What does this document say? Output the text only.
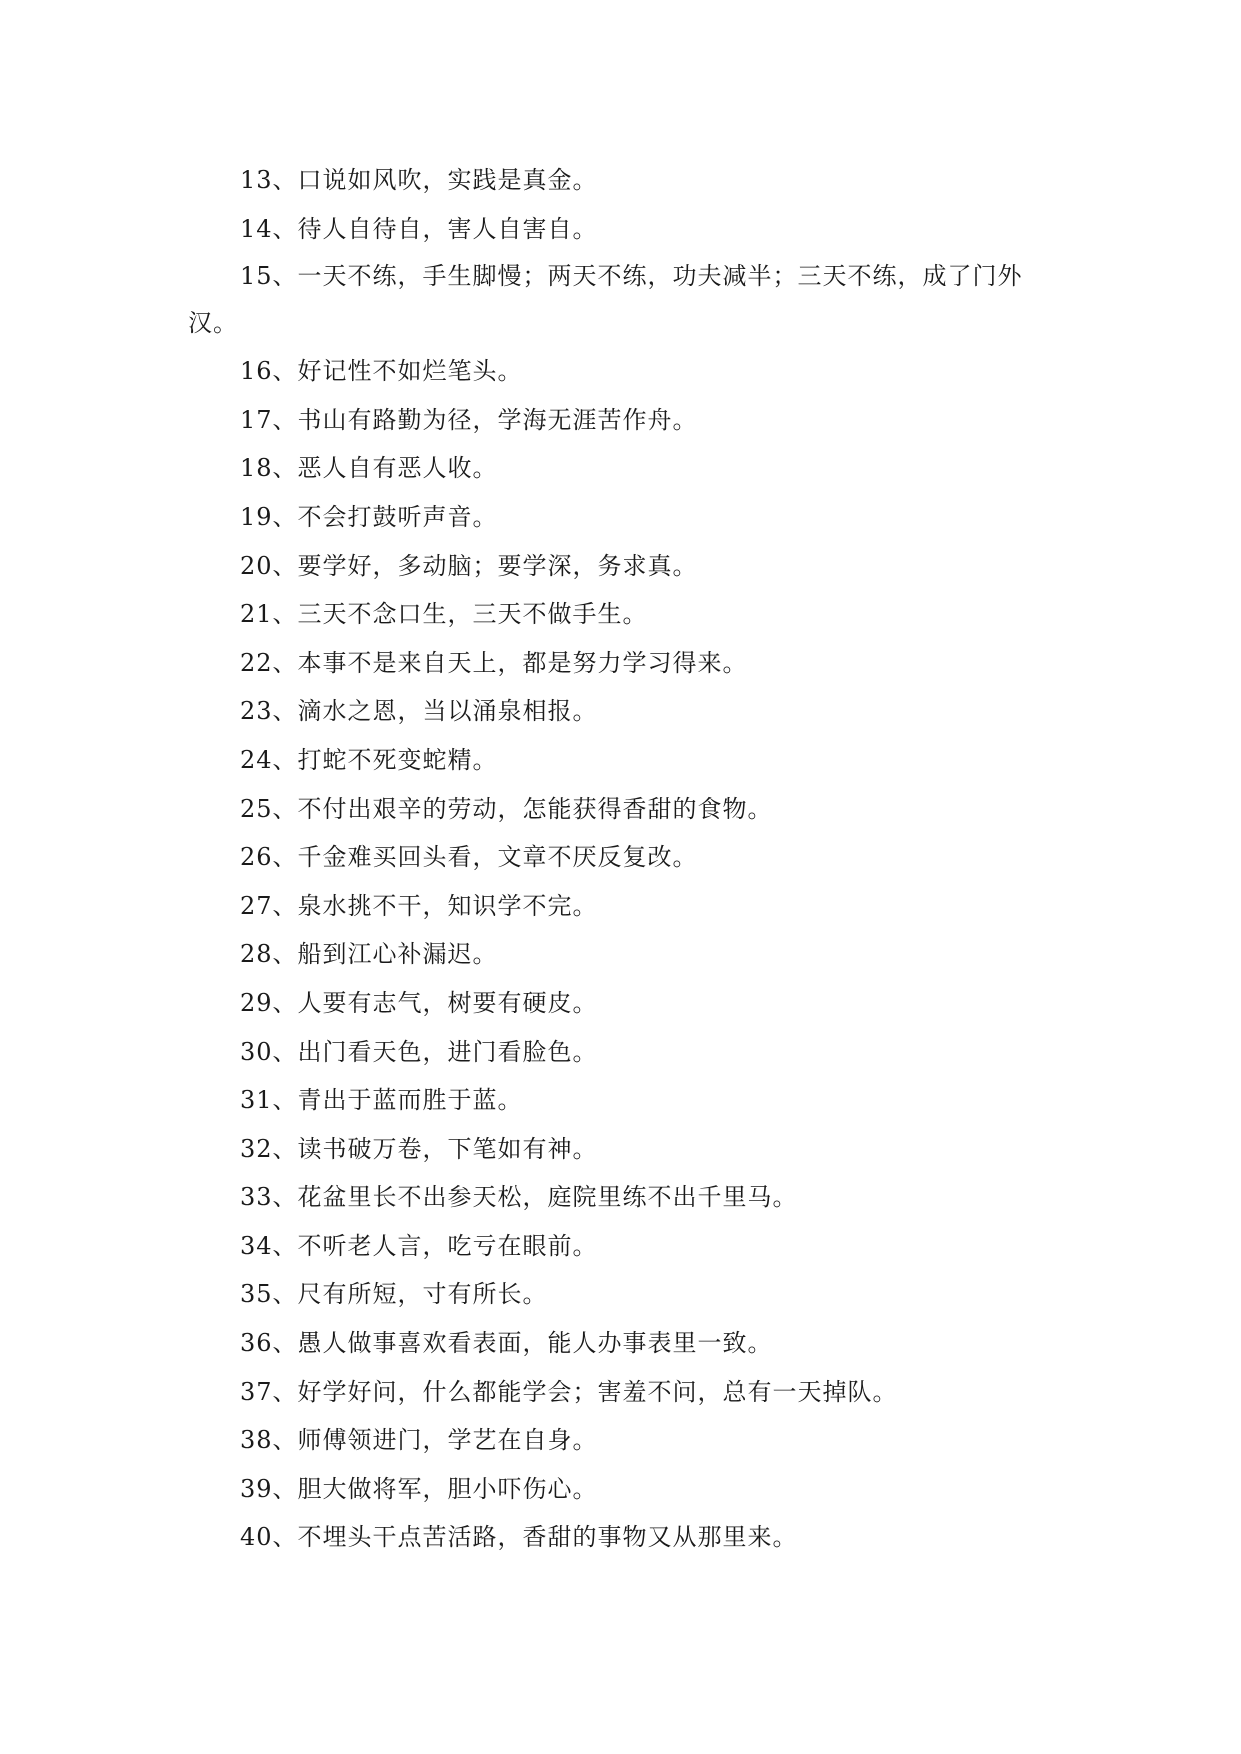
13、口说如风吹，实践是真金。

14、待人自待自，害人自害自。

15、一天不练，手生脚慢；两天不练，功夫减半；三天不练，成了门外汉。

16、好记性不如烂笔头。

17、书山有路勤为径，学海无涯苦作舟。

18、恶人自有恶人收。

19、不会打鼓听声音。

20、要学好，多动脑；要学深，务求真。

21、三天不念口生，三天不做手生。

22、本事不是来自天上，都是努力学习得来。

23、滴水之恩，当以涌泉相报。

24、打蛇不死变蛇精。

25、不付出艰辛的劳动，怎能获得香甜的食物。

26、千金难买回头看，文章不厌反复改。

27、泉水挑不干，知识学不完。

28、船到江心补漏迟。

29、人要有志气，树要有硬皮。

30、出门看天色，进门看脸色。

31、青出于蓝而胜于蓝。

32、读书破万卷，下笔如有神。

33、花盆里长不出参天松，庭院里练不出千里马。

34、不听老人言，吃亏在眼前。

35、尺有所短，寸有所长。

36、愚人做事喜欢看表面，能人办事表里一致。

37、好学好问，什么都能学会；害羞不问，总有一天掉队。

38、师傅领进门，学艺在自身。

39、胆大做将军，胆小吓伤心。

40、不埋头干点苦活路，香甜的事物又从那里来。
